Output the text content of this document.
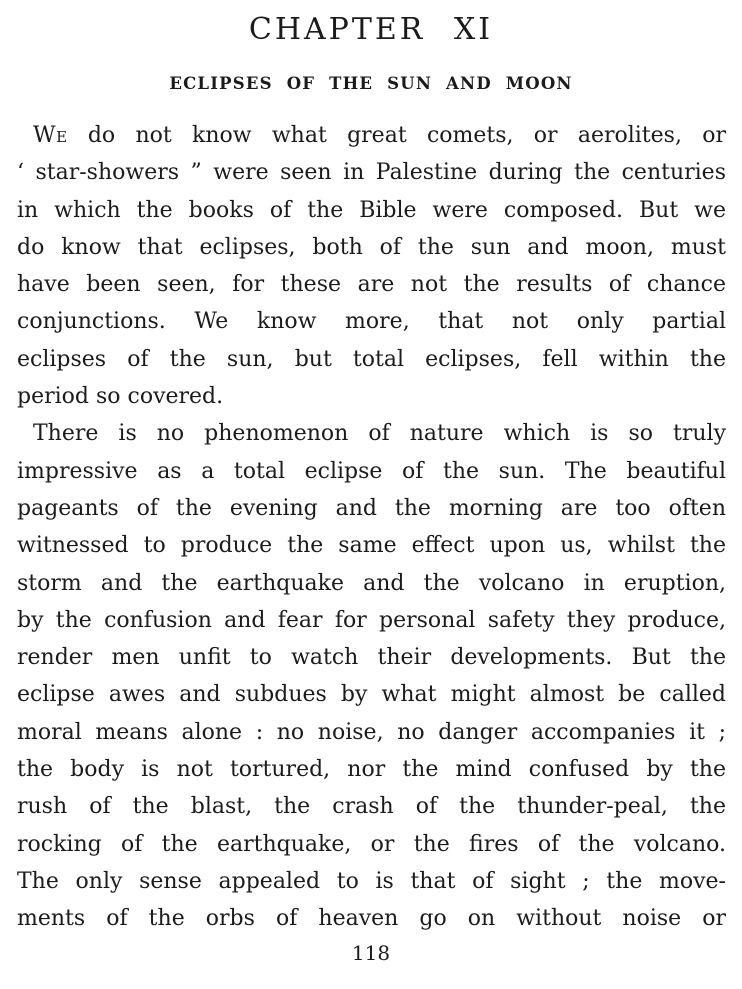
CHAPTER XI
ECLIPSES OF THE SUN AND MOON
We do not know what great comets, or aerolites, or
‘ star-showers ” were seen in Palestine during the centuries
in which the books of the Bible were composed. But we
do know that eclipses, both of the sun and moon, must
have been seen, for these are not the results of chance
conjunctions. We know more, that not only partial
eclipses of the sun, but total eclipses, fell within the
period so covered.
There is no phenomenon of nature which is so truly
impressive as a total eclipse of the sun. The beautiful
pageants of the evening and the morning are too often
witnessed to produce the same effect upon us, whilst the
storm and the earthquake and the volcano in eruption,
by the confusion and fear for personal safety they produce,
render men unfit to watch their developments. But the
eclipse awes and subdues by what might almost be called
moral means alone : no noise, no danger accompanies it ;
the body is not tortured, nor the mind confused by the
rush of the blast, the crash of the thunder-peal, the
rocking of the earthquake, or the fires of the volcano.
The only sense appealed to is that of sight ; the move-
ments of the orbs of heaven go on without noise or
118
